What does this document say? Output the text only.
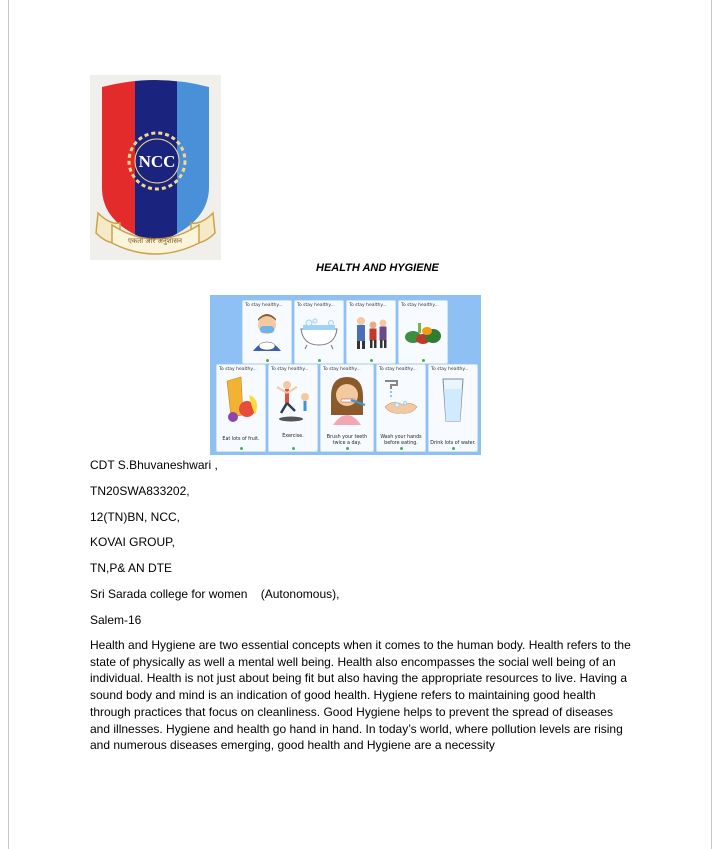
NCC
एकता और अनुशासन
HEALTH AND HYGIENE
To stay healthy...	To stay healthy...	To stay healthy...	To stay healthy...
To stay healthy...
Eat lots of fruit.
To stay healthy...
Exercise.
To stay healthy...
Brush your teeth twice a day.
To stay healthy...
Wash your hands before eating.
To stay healthy...
Drink lots of water.
CDT S.Bhuvaneshwari ,
TN20SWA833202,
12(TN)BN, NCC,
KOVAI GROUP,
TN,P& AN DTE
Sri Sarada college for women    (Autonomous),
Salem-16
Health and Hygiene are two essential concepts when it comes to the human body. Health refers to the state of physically as well a mental well being. Health also encompasses the social well being of an individual. Health is not just about being fit but also having the appropriate resources to live. Having a sound body and mind is an indication of good health. Hygiene refers to maintaining good health through practices that focus on cleanliness. Good Hygiene helps to prevent the spread of diseases and illnesses. Hygiene and health go hand in hand. In today’s world, where pollution levels are rising and numerous diseases emerging, good health and Hygiene are a necessity
